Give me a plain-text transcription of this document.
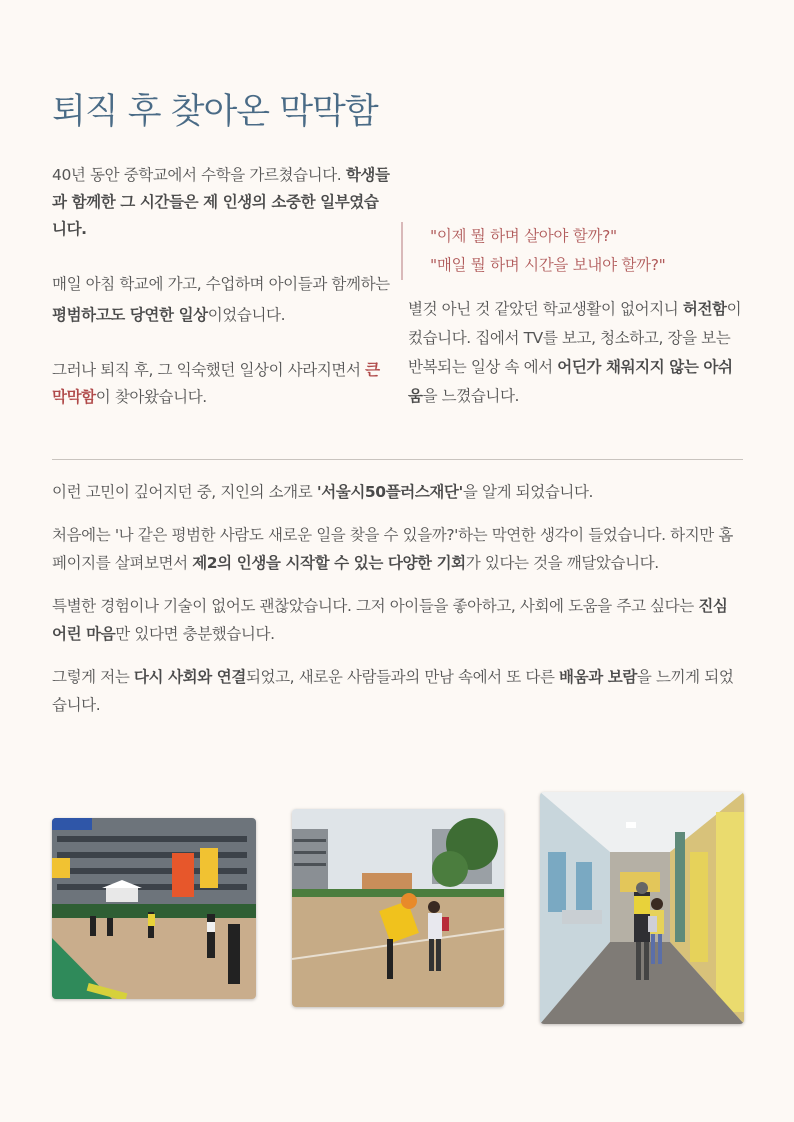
퇴직 후 찾아온 막막함

40년 동안 중학교에서 수학을 가르쳤습니다. 학생들과 함께한 그 시간들은 제 인생의 소중한 일부였습니다.

매일 아침 학교에 가고, 수업하며 아이들과 함께하는 평범하고도 당연한 일상이었습니다.

그러나 퇴직 후, 그 익숙했던 일상이 사라지면서 큰 막막함이 찾아왔습니다.

"이제 뭘 하며 살아야 할까?"
"매일 뭘 하며 시간을 보내야 할까?"
별것 아닌 것 같았던 학교생활이 없어지니 허전함이 컸습니다. 집에서 TV를 보고, 청소하고, 장을 보는 반복되는 일상 속 에서 어딘가 채워지지 않는 아쉬움을 느꼈습니다.

이런 고민이 깊어지던 중, 지인의 소개로 '서울시50플러스재단'을 알게 되었습니다.

처음에는 '나 같은 평범한 사람도 새로운 일을 찾을 수 있을까?'하는 막연한 생각이 들었습니다. 하지만 홈페이지를 살펴보면서 제2의 인생을 시작할 수 있는 다양한 기회가 있다는 것을 깨달았습니다.

특별한 경험이나 기술이 없어도 괜찮았습니다. 그저 아이들을 좋아하고, 사회에 도움을 주고 싶다는 진심 어린 마음만 있다면 충분했습니다.

그렇게 저는 다시 사회와 연결되었고, 새로운 사람들과의 만남 속에서 또 다른 배움과 보람을 느끼게 되었습니다.
